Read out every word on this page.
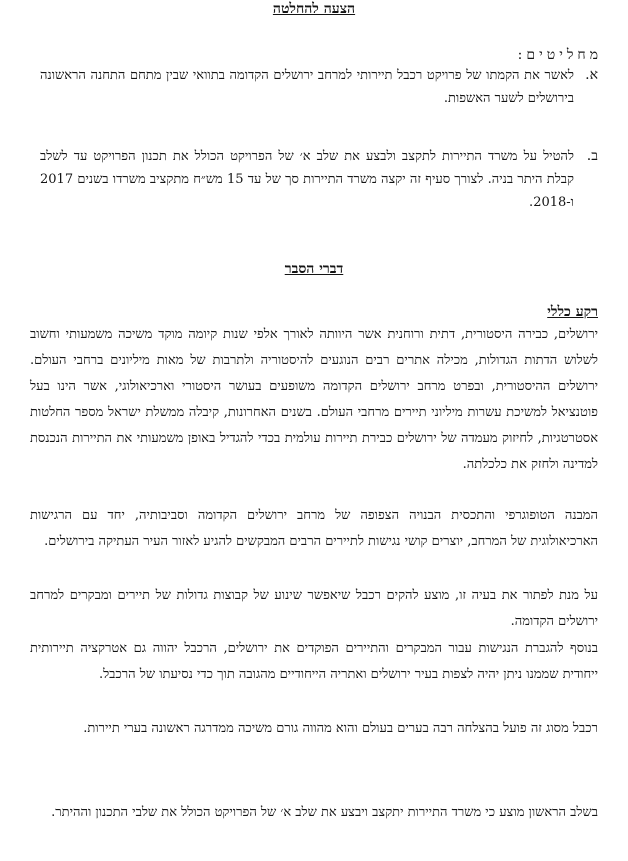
הצעה להחלטה
מחליטים:
א.
לאשר את הקמתו של פרויקט רכבל תיירותי למרחב ירושלים הקדומה בתוואי שבין מתחם התחנה הראשונה בירושלים לשער האשפות.
ב.
להטיל על משרד התיירות לתקצב ולבצע את שלב א׳ של הפרויקט הכולל את תכנון הפרויקט עד לשלב קבלת היתר בניה. לצורך סעיף זה יקצה משרד התיירות סך של עד 15 מש״ח מתקציב משרדו בשנים 2017 ו-2018.
דברי הסבר
רקע כללי
ירושלים, כבירה היסטורית, דתית ורוחנית אשר היוותה לאורך אלפי שנות קיומה מוקד משיכה משמעותי וחשוב לשלוש הדתות הגדולות, מכילה אתרים רבים הנוגעים להיסטוריה ולתרבות של מאות מיליונים ברחבי העולם. ירושלים ההיסטורית, ובפרט מרחב ירושלים הקדומה משופעים בעושר היסטורי וארכיאולוגי, אשר הינו בעל פוטנציאל למשיכת עשרות מיליוני תיירים מרחבי העולם. בשנים האחרונות, קיבלה ממשלת ישראל מספר החלטות אסטרטגיות, לחיזוק מעמדה של ירושלים כבירת תיירות עולמית בכדי להגדיל באופן משמעותי את התיירות הנכנסת למדינה ולחזק את כלכלתה.
המבנה הטופוגרפי והתכסית הבנויה הצפופה של מרחב ירושלים הקדומה וסביבותיה, יחד עם הרגישות הארכיאולוגית של המרחב, יוצרים קושי נגישות לתיירים הרבים המבקשים להגיע לאזור העיר העתיקה בירושלים.
על מנת לפתור את בעיה זו, מוצע להקים רכבל שיאפשר שינוע של קבוצות גדולות של תיירים ומבקרים למרחב ירושלים הקדומה.
בנוסף להגברת הנגישות עבור המבקרים והתיירים הפוקדים את ירושלים, הרכבל יהווה גם אטרקציה תיירותית ייחודית שממנו ניתן יהיה לצפות בעיר ירושלים ואתריה הייחודיים מהגובה תוך כדי נסיעתו של הרכבל.
רכבל מסוג זה פועל בהצלחה רבה בערים בעולם והוא מהווה גורם משיכה ממדרגה ראשונה בערי תיירות.
בשלב הראשון מוצע כי משרד התיירות יתקצב ויבצע את שלב א׳ של הפרויקט הכולל את שלבי התכנון וההיתר.
